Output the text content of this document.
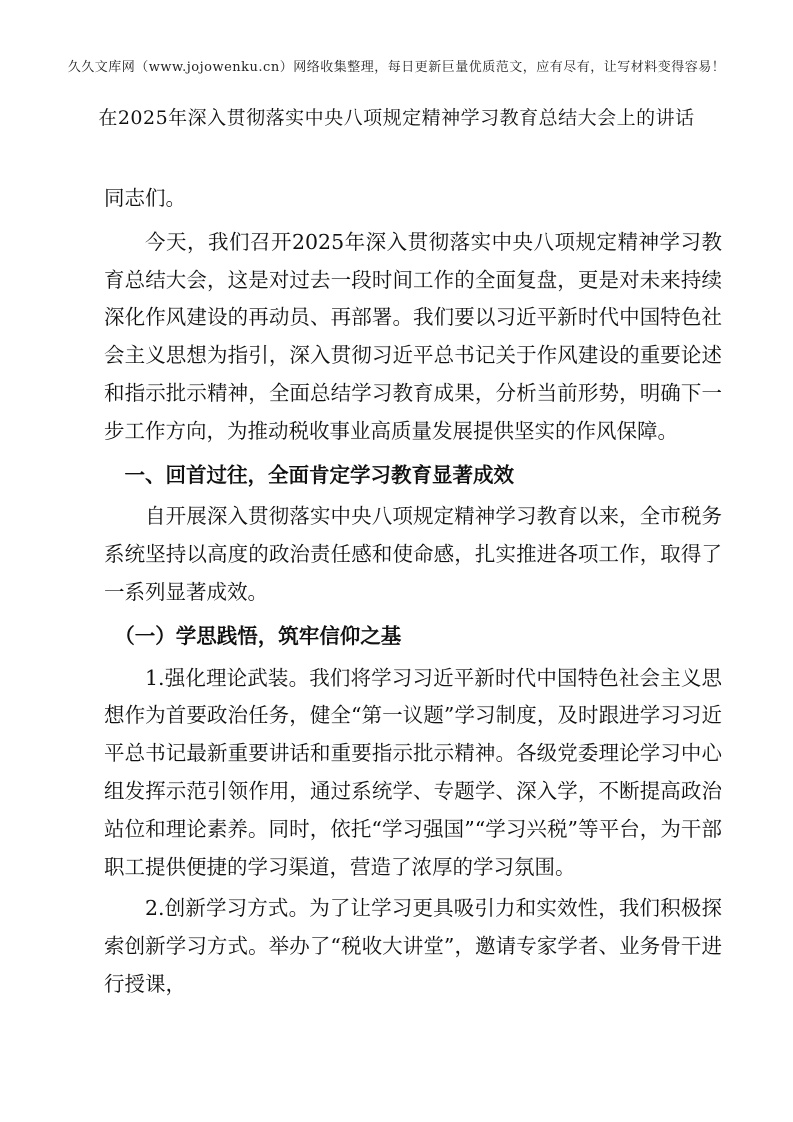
久久文库网（www.jojowenku.cn）网络收集整理，每日更新巨量优质范文，应有尽有，让写材料变得容易！
在2025年深入贯彻落实中央八项规定精神学习教育总结大会上的讲话

同志们。

今天，我们召开2025年深入贯彻落实中央八项规定精神学习教育总结大会，这是对过去一段时间工作的全面复盘，更是对未来持续深化作风建设的再动员、再部署。我们要以习近平新时代中国特色社会主义思想为指引，深入贯彻习近平总书记关于作风建设的重要论述和指示批示精神，全面总结学习教育成果，分析当前形势，明确下一步工作方向，为推动税收事业高质量发展提供坚实的作风保障。

一、回首过往，全面肯定学习教育显著成效

自开展深入贯彻落实中央八项规定精神学习教育以来，全市税务系统坚持以高度的政治责任感和使命感，扎实推进各项工作，取得了一系列显著成效。

（一）学思践悟，筑牢信仰之基

1.强化理论武装。我们将学习习近平新时代中国特色社会主义思想作为首要政治任务，健全“第一议题”学习制度，及时跟进学习习近平总书记最新重要讲话和重要指示批示精神。各级党委理论学习中心组发挥示范引领作用，通过系统学、专题学、深入学，不断提高政治站位和理论素养。同时，依托“学习强国”“学习兴税”等平台，为干部职工提供便捷的学习渠道，营造了浓厚的学习氛围。

2.创新学习方式。为了让学习更具吸引力和实效性，我们积极探索创新学习方式。举办了“税收大讲堂”，邀请专家学者、业务骨干进行授课，
